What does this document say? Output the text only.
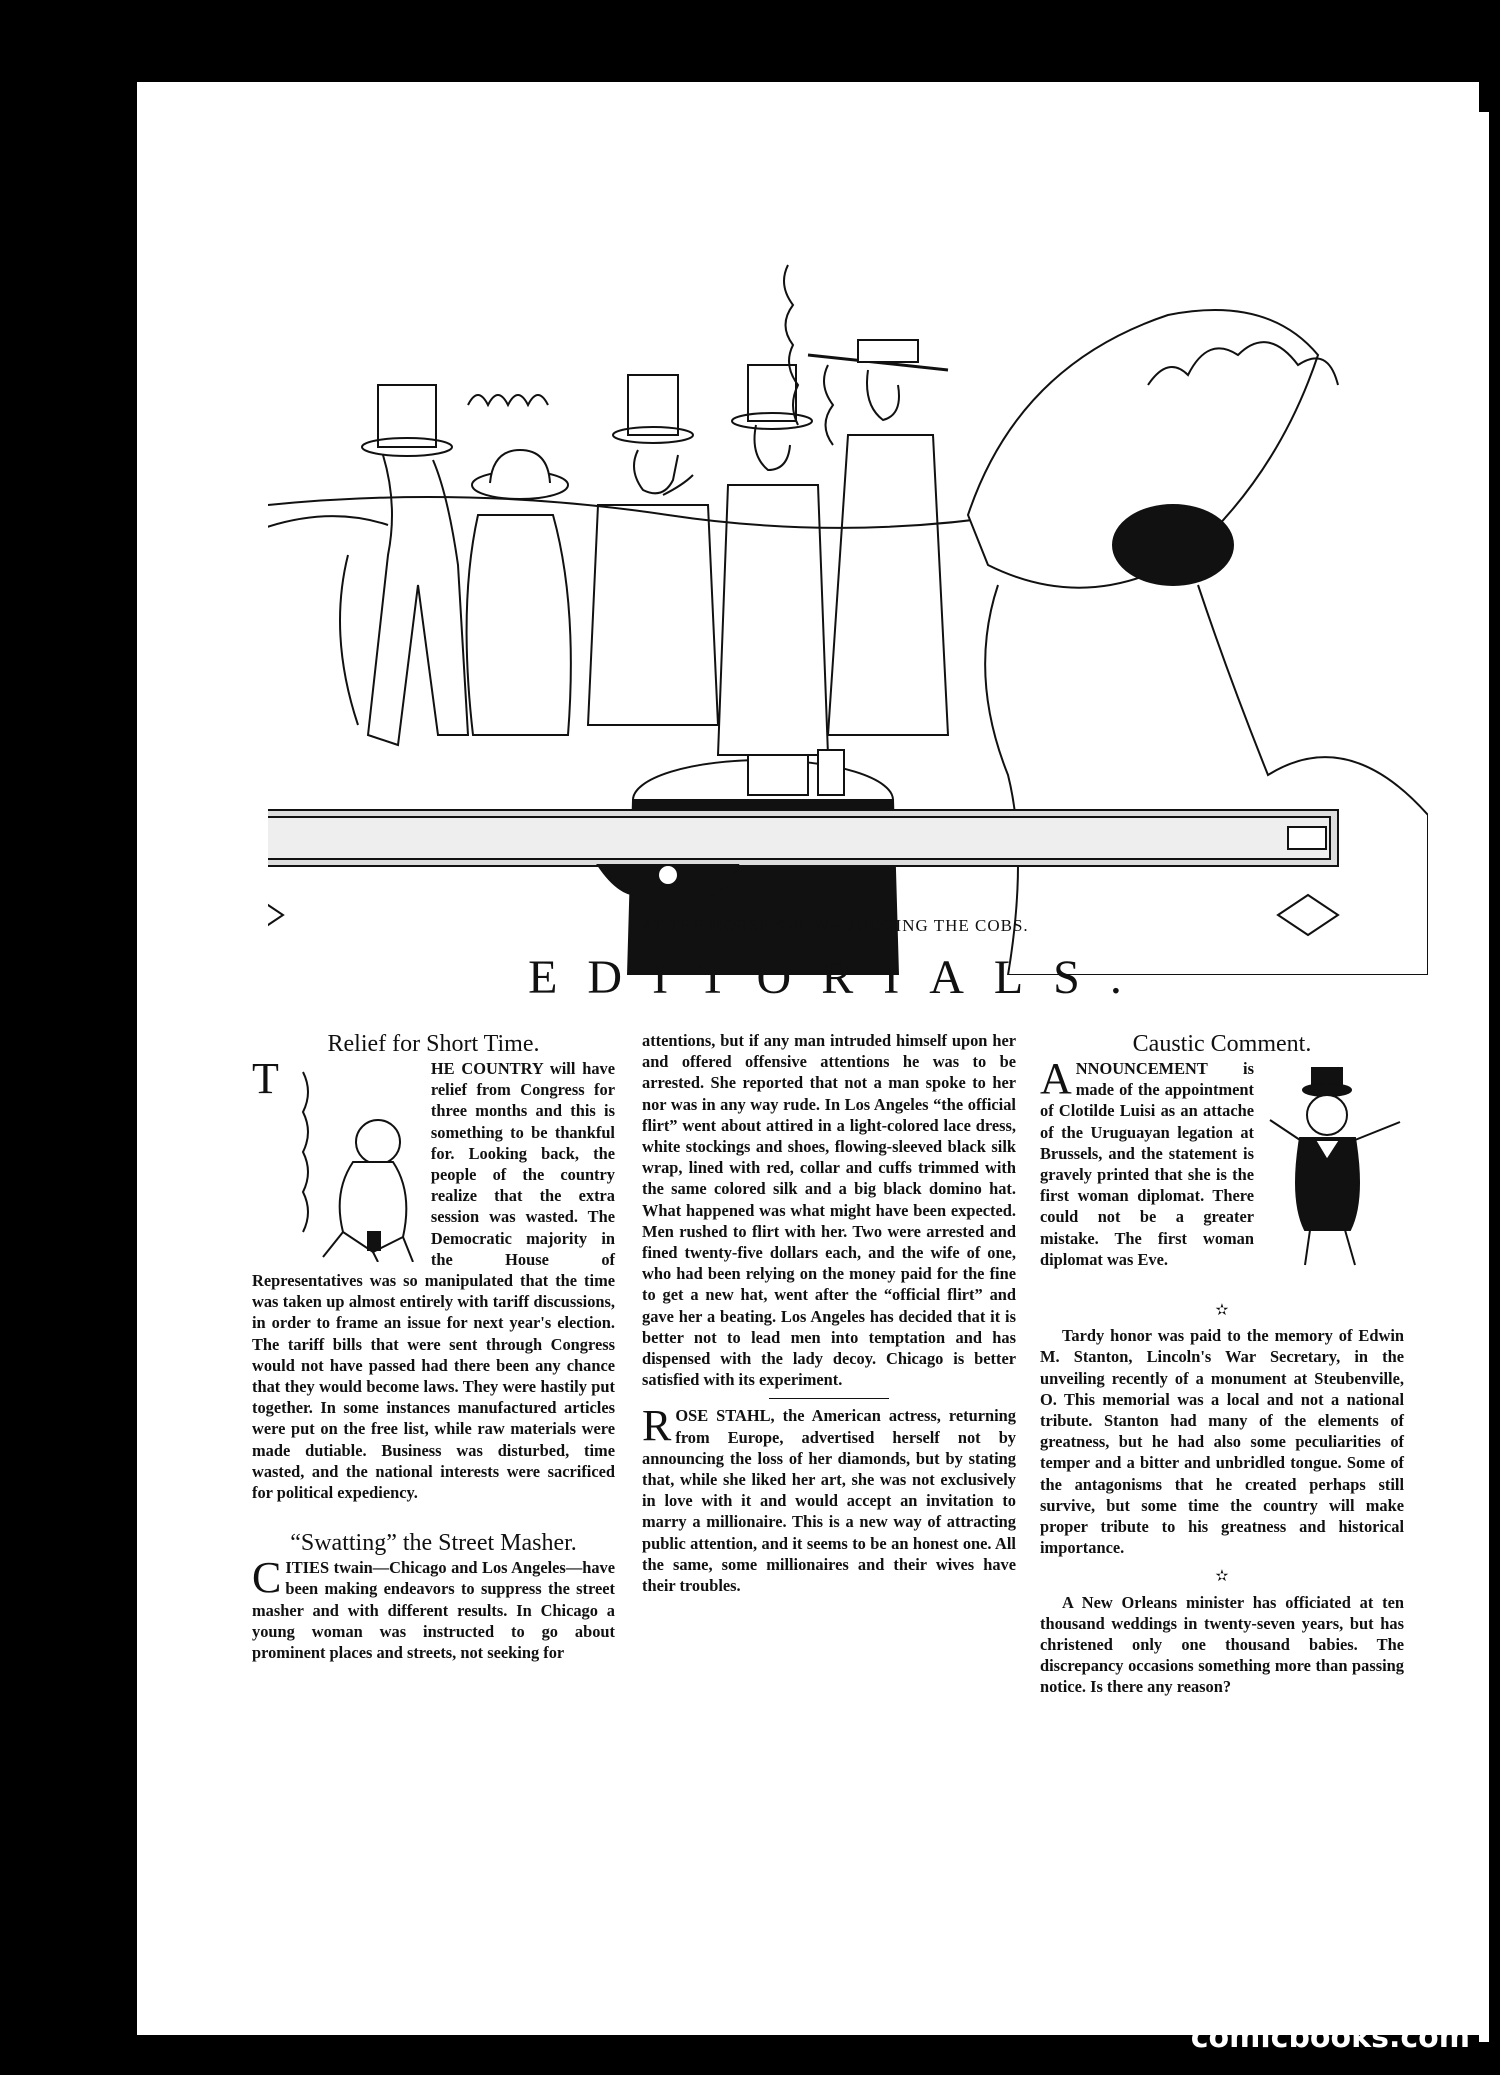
AT THE HORSE SHOW—JUDGING THE COBS.
EDITORIALS.
Relief for Short Time.

T	HE COUNTRY will have relief from Congress for three months and this is something to be thankful for. Looking back, the people of the country realize that the extra session was wasted. The Democratic majority in the House of Representatives was so manipulated that the time was taken up almost entirely with tariff discussions, in order to frame an issue for next year's election. The tariff bills that were sent through Congress would not have passed had there been any chance that they would become laws. They were hastily put together. In some instances manufactured articles were put on the free list, while raw materials were made dutiable. Business was disturbed, time wasted, and the national interests were sacrificed for political expediency.

“Swatting” the Street Masher.

C ITIES twain—Chicago and Los Angeles—have been making endeavors to suppress the street masher and with different results. In Chicago a young woman was instructed to go about prominent places and streets, not seeking for

attentions, but if any man intruded himself upon her and offered offensive attentions he was to be arrested. She reported that not a man spoke to her nor was in any way rude. In Los Angeles “the official flirt” went about attired in a light-colored lace dress, white stockings and shoes, flowing-sleeved black silk wrap, lined with red, collar and cuffs trimmed with the same colored silk and a big black domino hat. What happened was what might have been expected. Men rushed to flirt with her. Two were arrested and fined twenty-five dollars each, and the wife of one, who had been relying on the money paid for the fine to get a new hat, went after the “official flirt” and gave her a beating. Los Angeles has decided that it is better not to lead men into temptation and has dispensed with the lady decoy. Chicago is better satisfied with its experiment.

R OSE STAHL, the American actress, returning from Europe, advertised herself not by announcing the loss of her diamonds, but by stating that, while she liked her art, she was not exclusively in love with it and would accept an invitation to marry a millionaire. This is a new way of attracting public attention, and it seems to be an honest one. All the same, some millionaires and their wives have their troubles.

Caustic Comment.

A NNOUNCEMENT is made of the appointment of Clotilde Luisi as an attache of the Uruguayan legation at Brussels, and the statement is gravely printed that she is the first woman diplomat. There could not be a greater mistake. The first woman diplomat was Eve.

✫

Tardy honor was paid to the memory of Edwin M. Stanton, Lincoln's War Secretary, in the unveiling recently of a monument at Steubenville, O. This memorial was a local and not a national tribute. Stanton had many of the elements of greatness, but he had also some peculiarities of temper and a bitter and unbridled tongue. Some of the antagonisms that he created perhaps still survive, but some time the country will make proper tribute to his greatness and historical importance.

✫

A New Orleans minister has officiated at ten thousand weddings in twenty-seven years, but has christened only one thousand babies. The discrepancy occasions something more than passing notice. Is there any reason?

comicbooks.com
